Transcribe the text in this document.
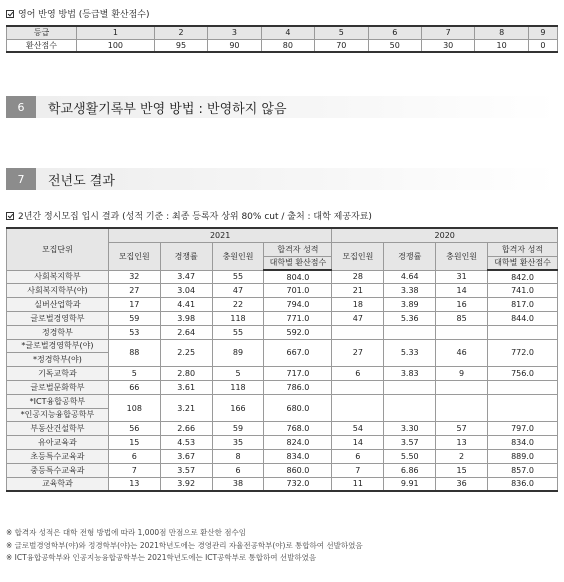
영어 반영 방법 (등급별 환산점수)
등급	1	2	3	4	5	6	7	8	9
환산점수	100	95	90	80	70	50	30	10	0
6	학교생활기록부 반영 방법 : 반영하지 않음
7	전년도 결과
2년간 정시모집 입시 결과 (성적 기준 : 최종 등록자 상위 80% cut / 출처 : 대학 제공자료)
모집단위	2021				2020			
	모집인원	경쟁률	충원인원	합격자 성적	모집인원	경쟁률	충원인원	합격자 성적
				대학별 환산점수				대학별 환산점수
사회복지학부	32	3.47	55	804.0	28	4.64	31	842.0
사회복지학부(야)	27	3.04	47	701.0	21	3.38	14	741.0
실버산업학과	17	4.41	22	794.0	18	3.89	16	817.0
글로벌경영학부	59	3.98	118	771.0	47	5.36	85	844.0
정경학부	53	2.64	55	592.0				
*글로벌경영학부(야)	88	2.25	89	667.0	27	5.33	46	772.0
*정경학부(야)								
기독교학과	5	2.80	5	717.0	6	3.83	9	756.0
글로벌문화학부	66	3.61	118	786.0				
*ICT융합공학부	108	3.21	166	680.0				
*인공지능융합공학부								
부동산건설학부	56	2.66	59	768.0	54	3.30	57	797.0
유아교육과	15	4.53	35	824.0	14	3.57	13	834.0
초등특수교육과	6	3.67	8	834.0	6	5.50	2	889.0
중등특수교육과	7	3.57	6	860.0	7	6.86	15	857.0
교육학과	13	3.92	38	732.0	11	9.91	36	836.0
※ 합격자 성적은 대학 전형 방법에 따라 1,000점 만점으로 환산한 점수임
※ 글로벌경영학부(야)와 정경학부(야)는 2021학년도에는 경영관리 자율전공학부(야)로 통합하여 선발하였음
※ ICT융합공학부와 인공지능융합공학부는 2021학년도에는 ICT공학부로 통합하여 선발하였음
